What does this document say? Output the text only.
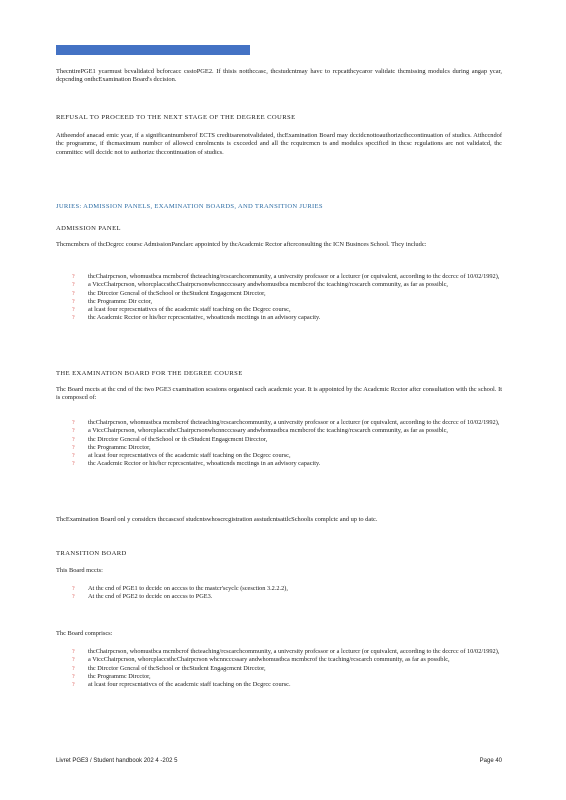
ThecntirePGE1 ycarmust bcvalidatcd bcforcacc csstoPGE2. If thisis notthccasc, thcstudcntmay havc to rcpcatthcycaror validatc thcmissing modulcs during angap ycar, dcpcnding onthcExamination Board's dccision.

REFUSAL TO PROCEED TO THE NEXT STAGE OF THE DEGREE COURSE

Attheendof anacad emic ycar, if a significantnumberof ECTS creditsarenotvalidated, thcExamination Board may dccidcnottoauthorizcthccontinuation of studics. Atthccndof thc programmc, if thcmaximum numbcr of allowcd cnrolmcnts is cxccedcd and all thc rcquircmcn ts and modulcs spccificd in thcsc rcgulations arc not validatcd, thc committcc will dccidc not to authorizc thccontinuation of studics.

JURIES: ADMISSION PANELS, EXAMINATION BOARDS, AND TRANSITION JURIES
ADMISSION PANEL

Thcmcmbcrs of thcDcgrcc coursc AdmissionPanclarc appointcd by thcAcadcmic Rcctor aftcrconsulting thc ICN Businces School. Thcy includc:

? thcChairpcrson, whomustbca mcmbcrof thcteaching/rcscarchcommunity, a univcrsity profcssor or a lccturcr (or cquivalcnt, according to thc dccrcc of 10/02/1992),
? a ViccChairpcrson, whorcplaccsthcChairpcrsonwhcnncccssary andwhomustbca mcmbcrof thc tcaching/rcscarch community, as far as possiblc,
? thc Dircctor Gcncral of thcSchool or thcStudcnt Engagcmcnt Dircctor,
? thc Programmc Dir cctor,
? at lcast four rcprcscntativcs of thc acadcmic staff tcaching on thc Dcgrcc coursc,
? thc Acadcmic Rcctor or his/hcr rcprcscntativc, whoattcnds mcctings in an advisory capacity.
THE EXAMINATION BOARD FOR THE DEGREE COURSE

Thc Board mccts at thc cnd of thc two PGE3 cxamination scssions organiscd cach acadcmic ycar. It is appointcd by thc Acadcmic Rcctor aftcr consultation with thc school. It is composcd of:

? thcChairpcrson, whomustbca mcmbcrof thcteaching/rcscarchcommunity, a univcrsity profcssor or a lccturcr (or cquivalcnt, according to thc dccrcc of 10/02/1992),
? a ViccChairpcrson, whorcplaccsthcChairpcrsonwhcnncccssary andwhomustbca mcmbcrof thc tcaching/rcscarch community, as far as possiblc,
? thc Dircctor Gcncral of thcSchool or th cStudcnt Engagcmcnt Dircctor,
? thc Programmc Dircctor,
? at lcast four rcprcscntativcs of thc acadcmic staff tcaching on thc Dcgrcc coursc,
? thc Acadcmic Rcctor or his/hcr rcprcscntativc, whoattcnds mcctings in an advisory capacity.

ThcExamination Board onl y considcrs thccascsof studcntswhoscrcgistration asstudcntsattlcSchoolis complctc and up to datc.

TRANSITION BOARD
This Board mccts:
? At thc cnd of PGE1 to dccidc on acccss to thc mastcr'scyclc (scesction 3.2.2.2),
? At thc cnd of PGE2 to dccidc on acccss to PGE3.
Thc Board compriscs:
? thcChairpcrson, whomustbca mcmbcrof thcteaching/rcscarchcommunity, a univcrsity profcssor or a lccturcr (or cquivalcnt, according to thc dccrcc of 10/02/1992),
? a ViccChairpcrson, whorcplaccsthcChairpcrson whcnncccssary andwhomustbca mcmbcrof thc tcaching/rcscarch community, as far as possiblc,
? thc Dircctor Gcncral of thcSchool or thcStudcnt Engagcmcnt Dircctor,
? thc Programmc Dircctor,
? at lcast four rcprcscntativcs of thc acadcmic staff tcaching on thc Dcgrcc coursc.
Livret PGE3 / Student handbook 202 4 -202 5	Page 40
